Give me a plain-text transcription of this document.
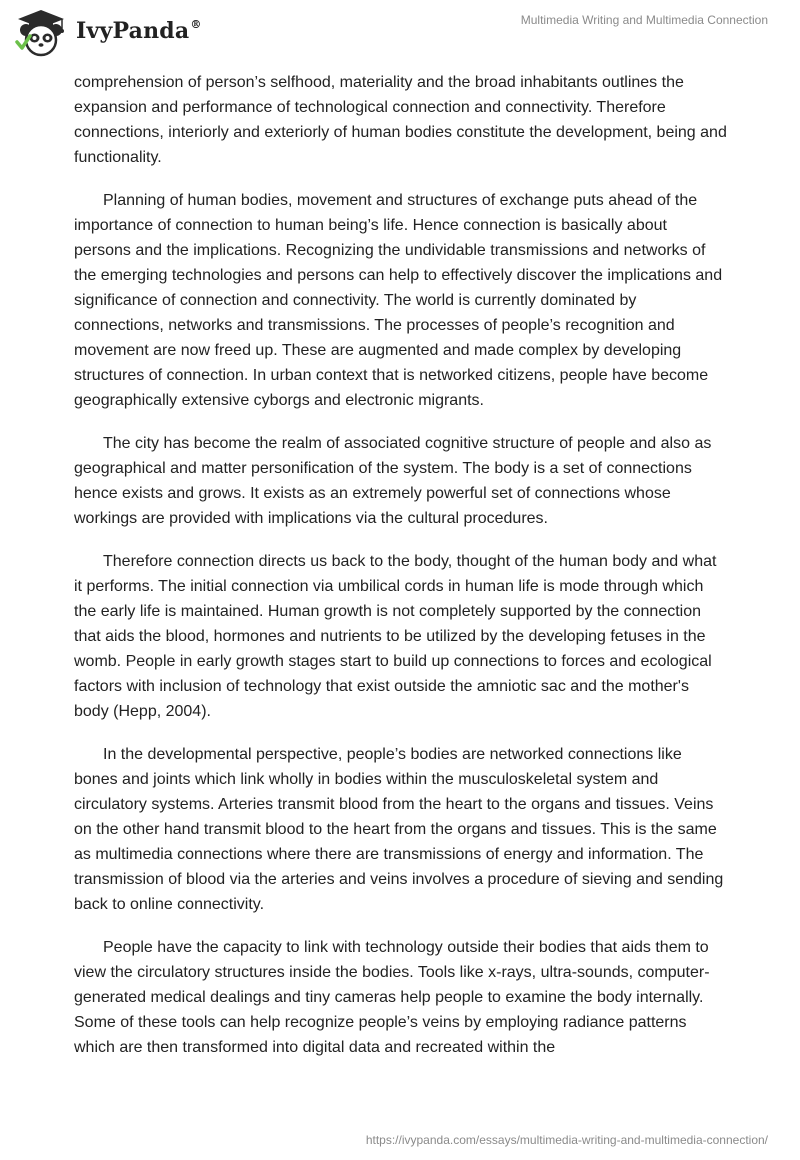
IvyPanda®	Multimedia Writing and Multimedia Connection

comprehension of person’s selfhood, materiality and the broad inhabitants outlines the expansion and performance of technological connection and connectivity. Therefore connections, interiorly and exteriorly of human bodies constitute the development, being and functionality.

Planning of human bodies, movement and structures of exchange puts ahead of the importance of connection to human being’s life. Hence connection is basically about persons and the implications. Recognizing the undividable transmissions and networks of the emerging technologies and persons can help to effectively discover the implications and significance of connection and connectivity. The world is currently dominated by connections, networks and transmissions. The processes of people’s recognition and movement are now freed up. These are augmented and made complex by developing structures of connection. In urban context that is networked citizens, people have become geographically extensive cyborgs and electronic migrants.

The city has become the realm of associated cognitive structure of people and also as geographical and matter personification of the system. The body is a set of connections hence exists and grows. It exists as an extremely powerful set of connections whose workings are provided with implications via the cultural procedures.

Therefore connection directs us back to the body, thought of the human body and what it performs. The initial connection via umbilical cords in human life is mode through which the early life is maintained. Human growth is not completely supported by the connection that aids the blood, hormones and nutrients to be utilized by the developing fetuses in the womb. People in early growth stages start to build up connections to forces and ecological factors with inclusion of technology that exist outside the amniotic sac and the mother's body (Hepp, 2004).

In the developmental perspective, people’s bodies are networked connections like bones and joints which link wholly in bodies within the musculoskeletal system and circulatory systems. Arteries transmit blood from the heart to the organs and tissues. Veins on the other hand transmit blood to the heart from the organs and tissues. This is the same as multimedia connections where there are transmissions of energy and information. The transmission of blood via the arteries and veins involves a procedure of sieving and sending back to online connectivity.

People have the capacity to link with technology outside their bodies that aids them to view the circulatory structures inside the bodies. Tools like x-rays, ultra-sounds, computer-generated medical dealings and tiny cameras help people to examine the body internally. Some of these tools can help recognize people’s veins by employing radiance patterns which are then transformed into digital data and recreated within the

https://ivypanda.com/essays/multimedia-writing-and-multimedia-connection/
